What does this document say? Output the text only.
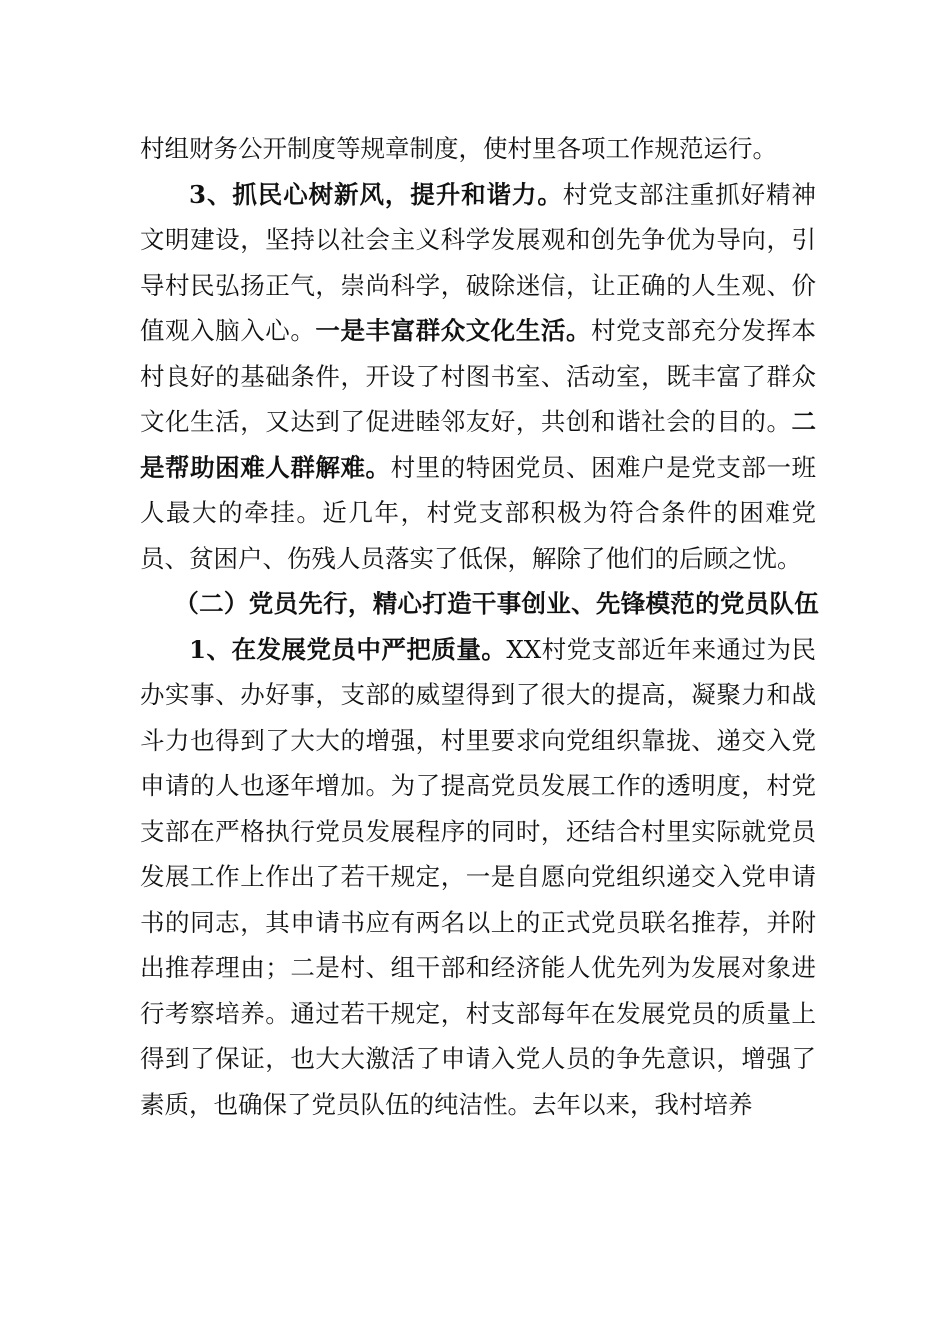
村组财务公开制度等规章制度，使村里各项工作规范运行。

3、抓民心树新风，提升和谐力。村党支部注重抓好精神文明建设，坚持以社会主义科学发展观和创先争优为导向，引导村民弘扬正气，崇尚科学，破除迷信，让正确的人生观、价值观入脑入心。一是丰富群众文化生活。村党支部充分发挥本村良好的基础条件，开设了村图书室、活动室，既丰富了群众文化生活，又达到了促进睦邻友好，共创和谐社会的目的。二是帮助困难人群解难。村里的特困党员、困难户是党支部一班人最大的牵挂。近几年，村党支部积极为符合条件的困难党员、贫困户、伤残人员落实了低保，解除了他们的后顾之忧。

（二）党员先行，精心打造干事创业、先锋模范的党员队伍

1、在发展党员中严把质量。XX村党支部近年来通过为民办实事、办好事，支部的威望得到了很大的提高，凝聚力和战斗力也得到了大大的增强，村里要求向党组织靠拢、递交入党申请的人也逐年增加。为了提高党员发展工作的透明度，村党支部在严格执行党员发展程序的同时，还结合村里实际就党员发展工作上作出了若干规定，一是自愿向党组织递交入党申请书的同志，其申请书应有两名以上的正式党员联名推荐，并附出推荐理由；二是村、组干部和经济能人优先列为发展对象进行考察培养。通过若干规定，村支部每年在发展党员的质量上得到了保证，也大大激活了申请入党人员的争先意识，增强了素质，也确保了党员队伍的纯洁性。去年以来，我村培养
